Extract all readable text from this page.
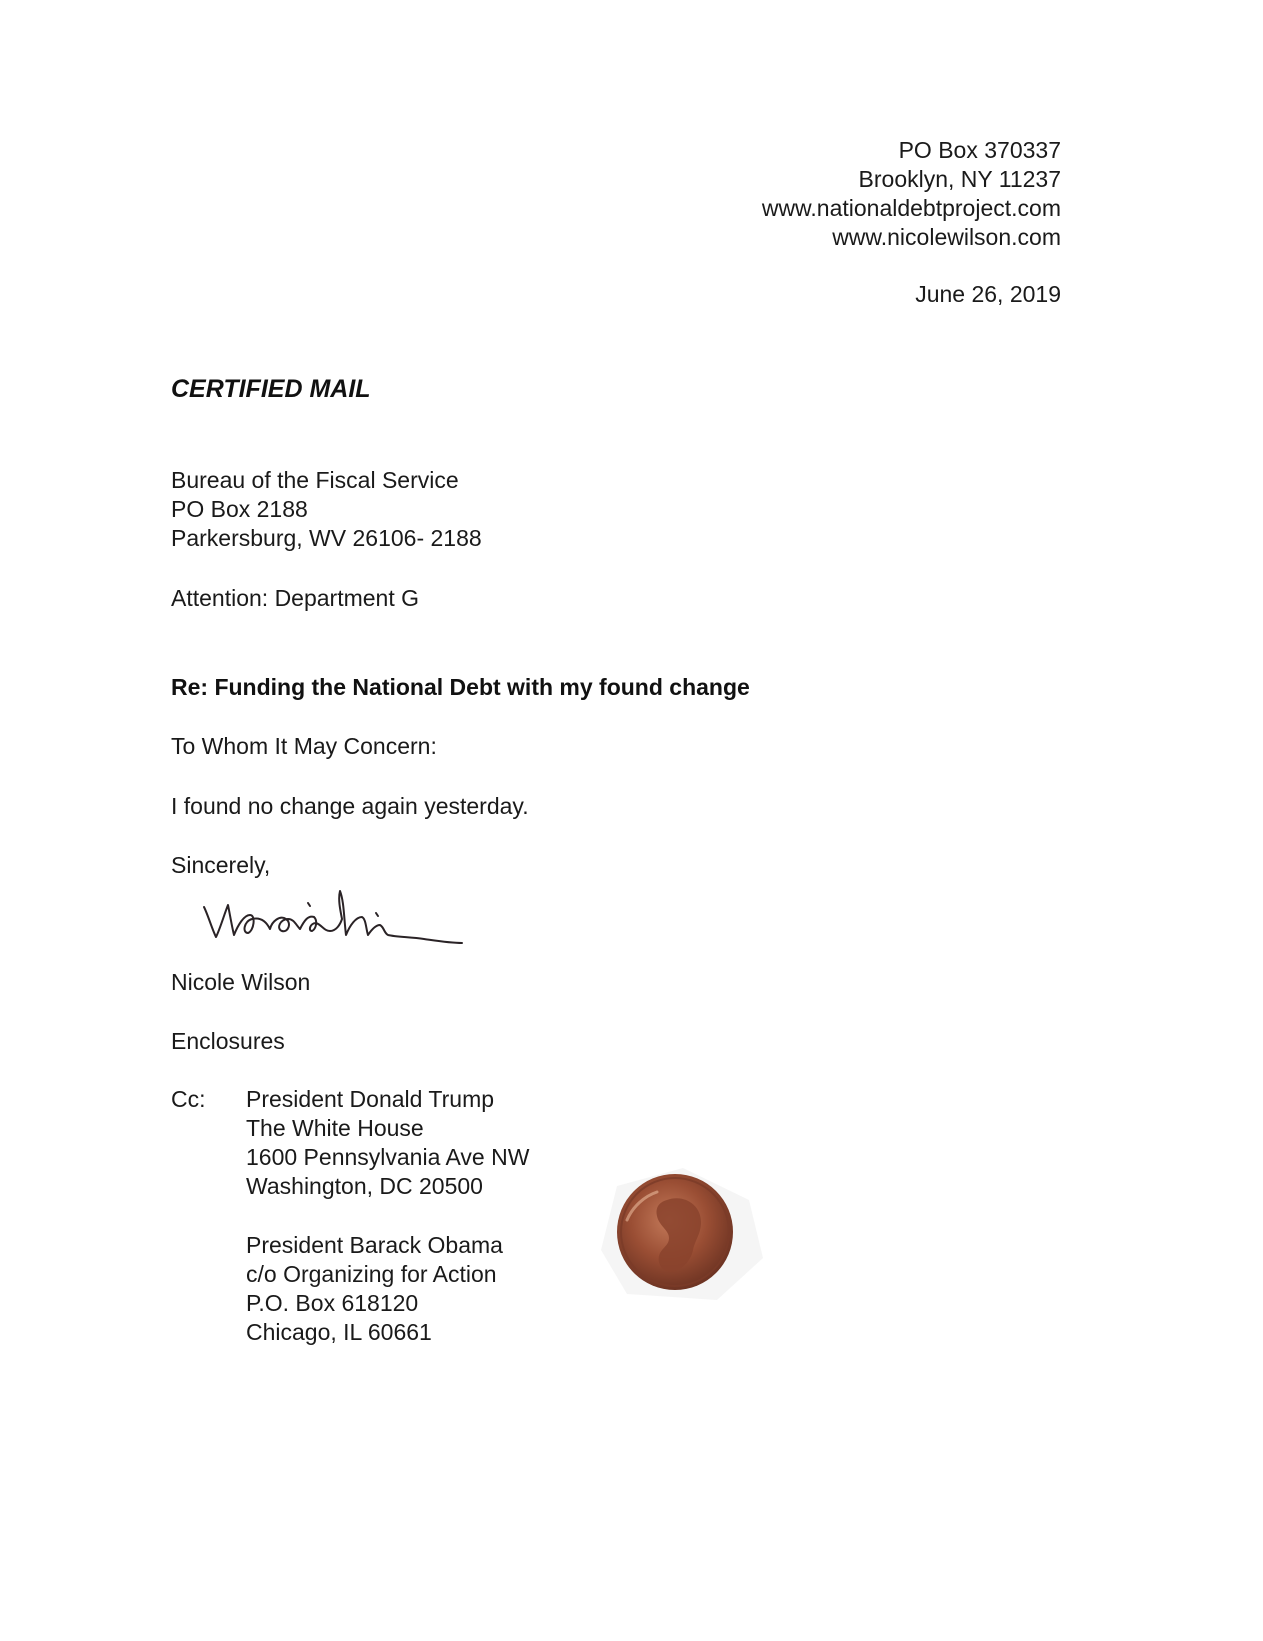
PO Box 370337
Brooklyn, NY 11237
www.nationaldebtproject.com
www.nicolewilson.com
June 26, 2019
CERTIFIED MAIL
Bureau of the Fiscal Service
PO Box 2188
Parkersburg, WV 26106- 2188
Attention: Department G
Re: Funding the National Debt with my found change
To Whom It May Concern:
I found no change again yesterday.
Sincerely,
Nicole Wilson
Enclosures
Cc: President Donald Trump
The White House
1600 Pennsylvania Ave NW
Washington, DC 20500
President Barack Obama
c/o Organizing for Action
P.O. Box 618120
Chicago, IL 60661
